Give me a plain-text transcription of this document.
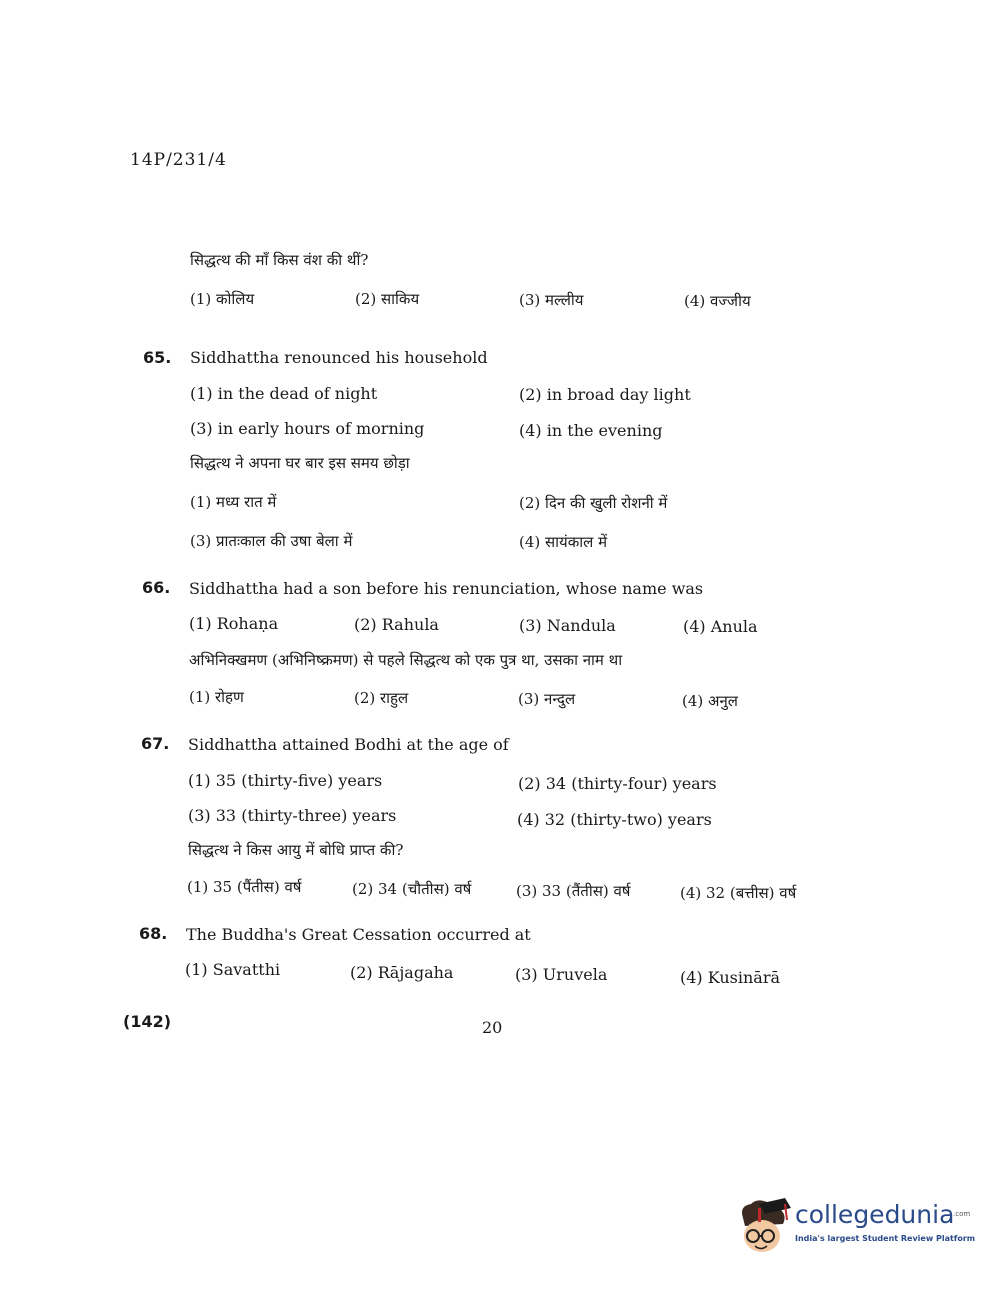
14P/231/4
सिद्धत्थ की माँ किस वंश की थीं?
(1) कोलिय	(2) साकिय	(3) मल्लीय	(4) वज्जीय
65. Siddhattha renounced his household
(1) in the dead of night	(2) in broad day light
(3) in early hours of morning	(4) in the evening
सिद्धत्थ ने अपना घर बार इस समय छोड़ा
(1) मध्य रात में	(2) दिन की खुली रोशनी में
(3) प्रातःकाल की उषा बेला में	(4) सायंकाल में
66. Siddhattha had a son before his renunciation, whose name was
(1) Rohaṇa	(2) Rahula	(3) Nandula	(4) Anula
अभिनिक्खमण (अभिनिष्क्रमण) से पहले सिद्धत्थ को एक पुत्र था, उसका नाम था
(1) रोहण	(2) राहुल	(3) नन्दुल	(4) अनुल
67. Siddhattha attained Bodhi at the age of
(1) 35 (thirty-five) years	(2) 34 (thirty-four) years
(3) 33 (thirty-three) years	(4) 32 (thirty-two) years
सिद्धत्थ ने किस आयु में बोधि प्राप्त की?
(1) 35 (पैंतीस) वर्ष	(2) 34 (चौतीस) वर्ष	(3) 33 (तैंतीस) वर्ष	(4) 32 (बत्तीस) वर्ष
68. The Buddha's Great Cessation occurred at
(1) Savatthi	(2) Rājagaha	(3) Uruvela	(4) Kusinārā
(142)	20
collegedunia
.com
India's largest Student Review Platform
